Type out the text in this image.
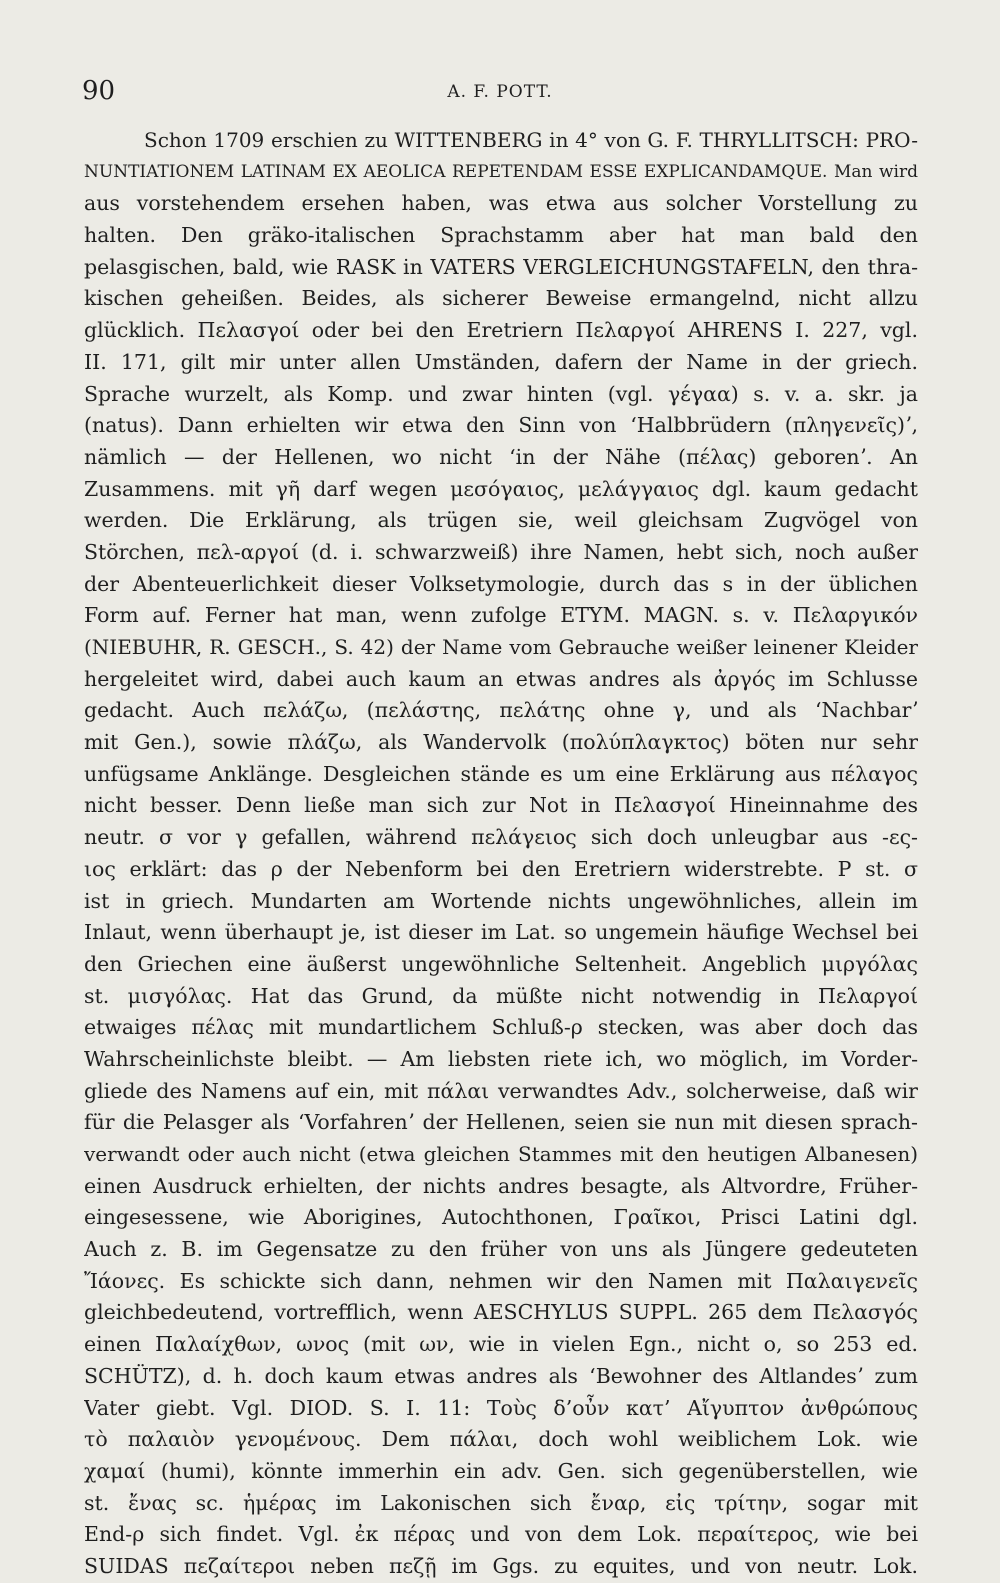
90	A. F. POTT.
Schon 1709 erschien zu WITTENBERG in 4° von G. F. THRYLLITSCH: PRO-
NUNTIATIONEM LATINAM EX AEOLICA REPETENDAM ESSE EXPLICANDAMQUE. Man wird
aus vorstehendem ersehen haben, was etwa aus solcher Vorstellung zu
halten. Den gräko-italischen Sprachstamm aber hat man bald den
pelasgischen, bald, wie RASK in VATERS VERGLEICHUNGSTAFELN, den thra-
kischen geheißen. Beides, als sicherer Beweise ermangelnd, nicht allzu
glücklich. Πελασγοί oder bei den Eretriern Πελαργοί AHRENS I. 227, vgl.
II. 171, gilt mir unter allen Umständen, dafern der Name in der griech.
Sprache wurzelt, als Komp. und zwar hinten (vgl. γέγαα) s. v. a. skr. ja
(natus). Dann erhielten wir etwa den Sinn von ʻHalbbrüdern (πληγενεῖς)ʼ,
nämlich — der Hellenen, wo nicht ʻin der Nähe (πέλας) geborenʼ. An
Zusammens. mit γῆ darf wegen μεσόγαιος, μελάγγαιος dgl. kaum gedacht
werden. Die Erklärung, als trügen sie, weil gleichsam Zugvögel von
Störchen, πελ-αργοί (d. i. schwarzweiß) ihre Namen, hebt sich, noch außer
der Abenteuerlichkeit dieser Volksetymologie, durch das s in der üblichen
Form auf. Ferner hat man, wenn zufolge ETYM. MAGN. s. v. Πελαργικόν
(NIEBUHR, R. GESCH., S. 42) der Name vom Gebrauche weißer leinener Kleider
hergeleitet wird, dabei auch kaum an etwas andres als ἀργός im Schlusse
gedacht. Auch πελάζω, (πελάστης, πελάτης ohne γ, und als ʻNachbarʼ
mit Gen.), sowie πλάζω, als Wandervolk (πολύπλαγκτος) böten nur sehr
unfügsame Anklänge. Desgleichen stände es um eine Erklärung aus πέλαγος
nicht besser. Denn ließe man sich zur Not in Πελασγοί Hineinnahme des
neutr. σ vor γ gefallen, während πελάγειος sich doch unleugbar aus -ες-
ιος erklärt: das ρ der Nebenform bei den Eretriern widerstrebte. P st. σ
ist in griech. Mundarten am Wortende nichts ungewöhnliches, allein im
Inlaut, wenn überhaupt je, ist dieser im Lat. so ungemein häufige Wechsel bei
den Griechen eine äußerst ungewöhnliche Seltenheit. Angeblich μιργόλας
st. μισγόλας. Hat das Grund, da müßte nicht notwendig in Πελαργοί
etwaiges πέλας mit mundartlichem Schluß-ρ stecken, was aber doch das
Wahrscheinlichste bleibt. — Am liebsten riete ich, wo möglich, im Vorder-
gliede des Namens auf ein, mit πάλαι verwandtes Adv., solcherweise, daß wir
für die Pelasger als ʻVorfahrenʼ der Hellenen, seien sie nun mit diesen sprach-
verwandt oder auch nicht (etwa gleichen Stammes mit den heutigen Albanesen)
einen Ausdruck erhielten, der nichts andres besagte, als Altvordre, Früher-
eingesessene, wie Aborigines, Autochthonen, Γραῖκοι, Prisci Latini dgl.
Auch z. B. im Gegensatze zu den früher von uns als Jüngere gedeuteten
Ἴάονες. Es schickte sich dann, nehmen wir den Namen mit Παλαιγενεῖς
gleichbedeutend, vortrefflich, wenn AESCHYLUS SUPPL. 265 dem Πελασγός
einen Παλαίχθων, ωνος (mit ων, wie in vielen Egn., nicht ο, so 253 ed.
SCHÜTZ), d. h. doch kaum etwas andres als ʻBewohner des Altlandesʼ zum
Vater giebt. Vgl. DIOD. S. I. 11: Τοὺς δ’οὖν κατ’ Αἴγυπτον ἀνθρώπους
τὸ παλαιὸν γενομένους. Dem πάλαι, doch wohl weiblichem Lok. wie
χαμαί (humi), könnte immerhin ein adv. Gen. sich gegenüberstellen, wie
st. ἔνας sc. ἡμέρας im Lakonischen sich ἔναρ, εἰς τρίτην, sogar mit
End-ρ sich findet. Vgl. ἐκ πέρας und von dem Lok. περαίτερος, wie bei
SUIDAS πεζαίτεροι neben πεζῇ im Ggs. zu equites, und von neutr. Lok.
